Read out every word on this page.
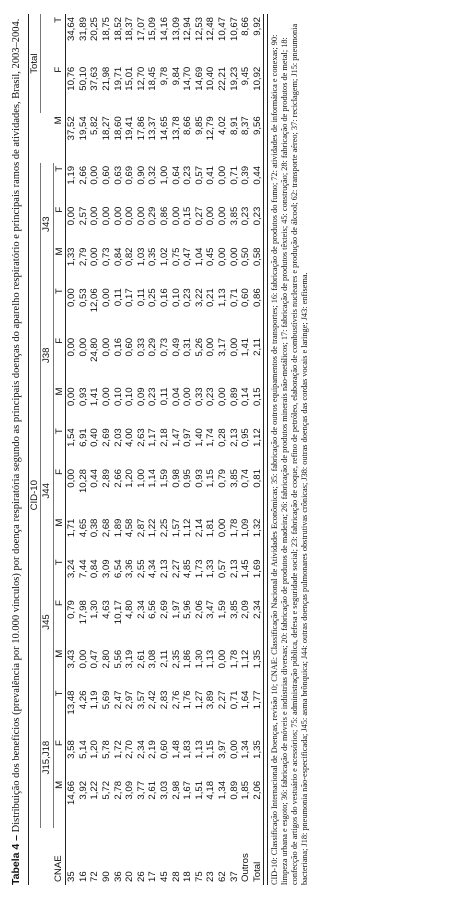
Tabela 4 – Distribuição dos benefícios (prevalência por 10.000 vínculos) por doença respiratória segundo as principais doenças do aparelho respiratório e principais ramos de atividades, Brasil, 2003–2004.

	CID-10																Total	
	J15,J18			J45			J44			J38			J43					
CNAE	M	F	T	M	F	T	M	F	T	M	F	T	M	F	T	M	F	T
35	14,66	3,58	13,48	3,43	0,79	3,24	1,71	0,00	1,54	0,00	0,00	0,00	1,33	0,00	1,19	37,52	10,76	34,64
16	3,92	5,14	4,26	0,00	17,98	7,44	4,65	10,28	6,91	0,93	0,00	0,53	2,79	2,57	2,66	19,54	50,10	31,89
72	1,22	1,20	1,19	0,47	1,30	0,84	0,38	0,44	0,40	1,41	24,80	12,06	0,00	0,00	0,00	5,82	37,63	20,25
90	5,72	5,78	5,69	2,80	4,63	3,09	2,68	2,89	2,69	0,00	0,00	0,00	0,73	0,00	0,60	18,27	21,98	18,75
36	2,78	1,72	2,47	5,56	10,17	6,54	1,89	2,66	2,03	0,10	0,16	0,11	0,84	0,00	0,63	18,60	19,71	18,52
20	3,09	2,70	2,97	3,19	4,80	3,36	4,58	1,20	4,00	0,10	0,60	0,17	0,82	0,00	0,69	19,41	15,01	18,37
26	3,77	2,34	3,57	2,61	2,34	2,55	2,87	1,00	2,63	0,09	0,33	0,11	1,03	0,00	0,90	17,86	12,70	17,07
17	2,61	2,19	2,42	3,08	6,56	4,34	1,22	1,14	1,17	0,23	0,29	0,25	0,35	0,29	0,32	13,37	18,45	15,09
45	3,03	0,60	2,83	2,11	2,69	2,13	2,25	1,59	2,18	0,11	0,73	0,16	1,02	0,86	1,00	14,65	9,78	14,16
28	2,98	1,48	2,76	2,35	1,97	2,27	1,57	0,98	1,47	0,04	0,49	0,10	0,75	0,00	0,64	13,78	9,84	13,09
18	1,67	1,83	1,76	1,86	5,96	4,85	1,12	0,95	0,97	0,00	0,31	0,23	0,47	0,15	0,23	8,66	14,70	12,94
75	1,51	1,13	1,27	1,30	2,06	1,73	2,14	0,93	1,40	0,33	5,26	3,22	1,04	0,27	0,57	9,85	14,69	12,53
23	4,18	1,15	3,89	1,13	3,47	1,33	1,81	1,15	1,74	0,23	0,00	0,21	0,45	0,00	0,41	12,79	10,40	12,48
62	1,34	3,97	2,27	0,00	1,59	0,57	0,00	0,79	0,28	0,00	3,17	1,13	0,00	0,00	0,00	4,02	22,21	10,47
37	0,89	0,00	0,71	1,78	3,85	2,13	1,78	3,85	2,13	0,89	0,00	0,71	0,00	3,85	0,71	8,91	19,23	10,67
Outros	1,85	1,34	1,64	1,12	2,09	1,45	1,09	0,74	0,95	0,14	1,41	0,60	0,50	0,23	0,39	8,37	9,45	8,66
Total	2,06	1,35	1,77	1,35	2,34	1,69	1,32	0,81	1,12	0,15	2,11	0,86	0,58	0,23	0,44	9,56	10,92	9,92
CID-10: Classificação Internacional de Doenças, revisão 10; CNAE: Classificação Nacional de Atividades Econômicas; 35: fabricação de outros equipamentos de transportes; 16: fabricação de produtos do fumo; 72: atividades de informática e conexas; 90: limpeza urbana e esgoto; 36: fabricação de móveis e indústrias diversas; 20: fabricação de produtos de madeira; 26: fabricação de produtos minerais não-metálicos; 17: fabricação de produtos têxteis; 45: construção; 28: fabricação de produtos de metal; 18: confecção de artigos do vestuário e acessórios; 75: administração pública, defesa e seguridade social; 23: fabricação de coque, refino de petróleo, elaboração de combustíveis nucleares e produção de álcool; 62: transporte aéreo; 37: reciclagem; J15: pneumonia bacteriana; J18: pneumonia não-especificada; J45: asma brônquica; J44: outras doenças pulmonares obstrutivas crônicas; J38: outras doenças das cordas vocais e laringe; J43: enfisema.
